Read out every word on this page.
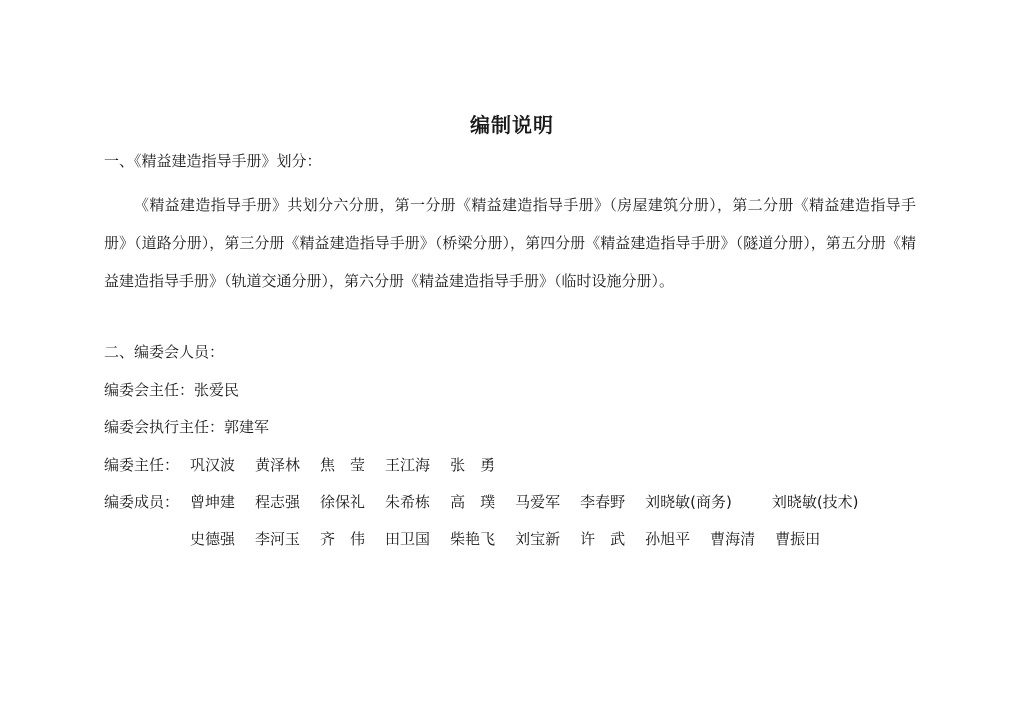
编制说明
一、《精益建造指导手册》划分：
《精益建造指导手册》共划分六分册，第一分册《精益建造指导手册》（房屋建筑分册），第二分册《精益建造指导手册》（道路分册），第三分册《精益建造指导手册》（桥梁分册），第四分册《精益建造指导手册》（隧道分册），第五分册《精益建造指导手册》（轨道交通分册），第六分册《精益建造指导手册》（临时设施分册）。
二、编委会人员：
编委会主任：张爱民
编委会执行主任：郭建军
编委主任： 巩汉波 黄泽林 焦　莹 王江海 张　勇
编委成员： 曾坤建 程志强 徐保礼 朱希栋 高　璞 马爱军 李春野 刘晓敏(商务)	刘晓敏(技术)
史德强 李河玉 齐　伟 田卫国 柴艳飞 刘宝新 许　武 孙旭平 曹海清 曹振田
